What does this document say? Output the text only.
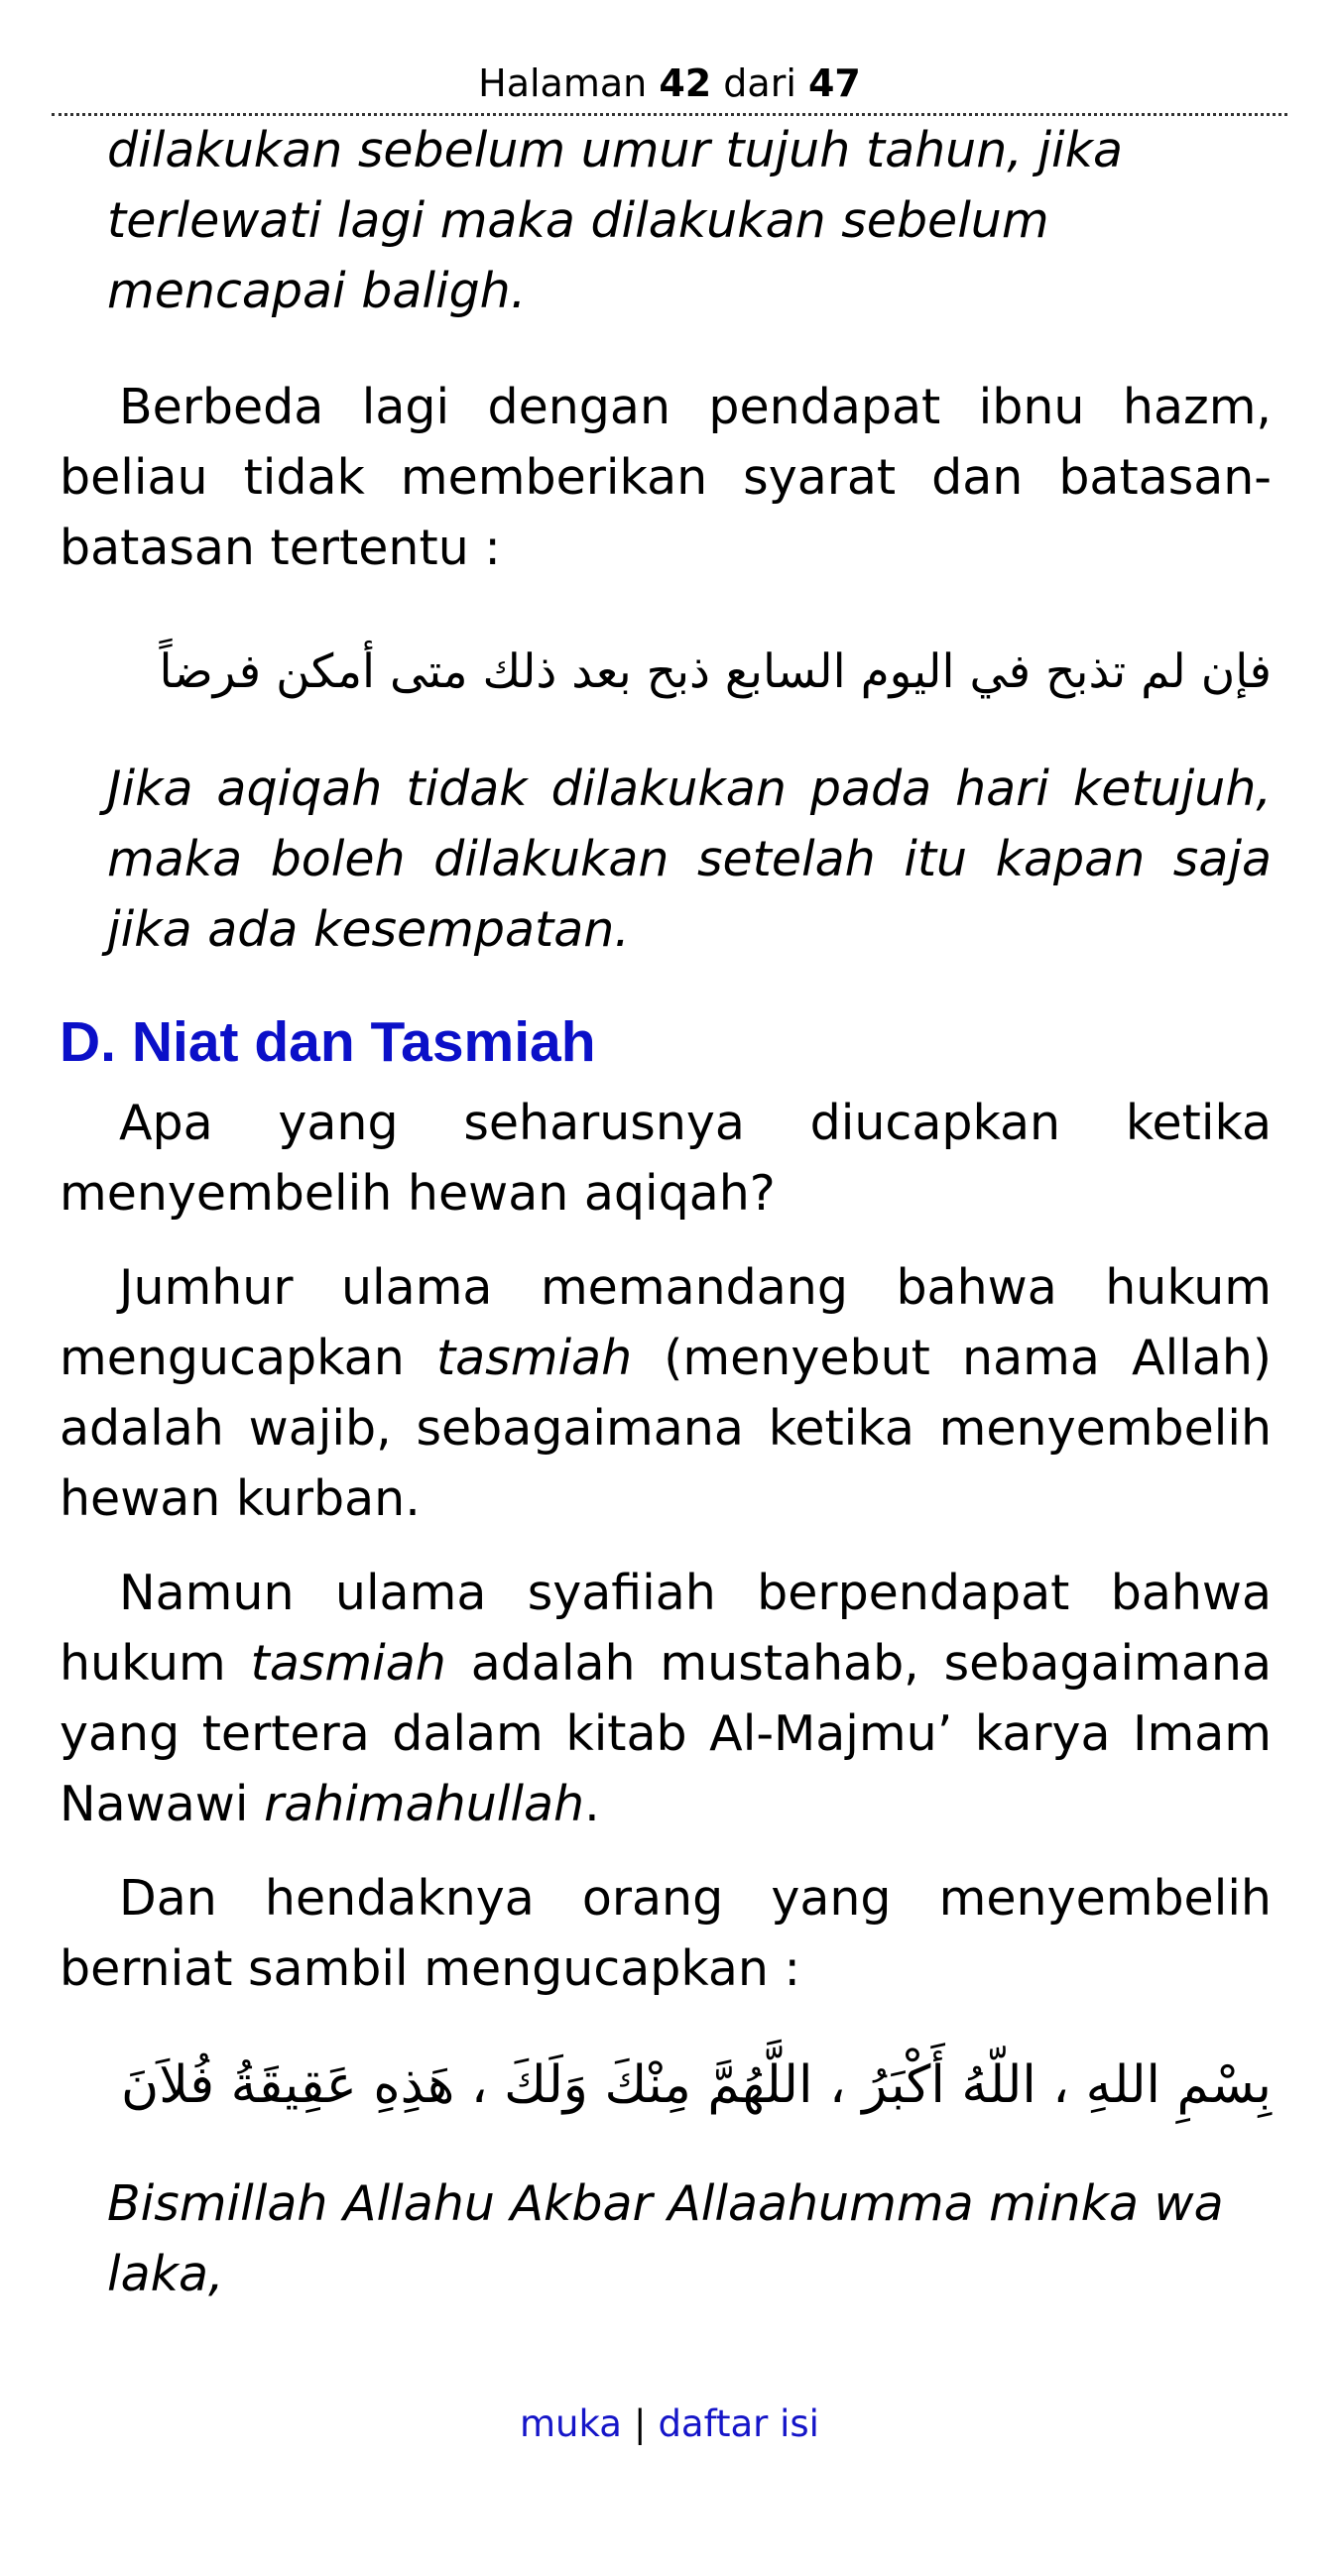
Halaman 42 dari 47

dilakukan sebelum umur tujuh tahun, jika terlewati lagi maka dilakukan sebelum mencapai baligh.

Berbeda lagi dengan pendapat ibnu hazm, beliau tidak memberikan syarat dan batasan-batasan tertentu :

فإن لم تذبح في اليوم السابع ذبح بعد ذلك متى أمكن فرضاً

Jika aqiqah tidak dilakukan pada hari ketujuh, maka boleh dilakukan setelah itu kapan saja jika ada kesempatan.

D. Niat dan Tasmiah

Apa yang seharusnya diucapkan ketika menyembelih hewan aqiqah?

Jumhur ulama memandang bahwa hukum mengucapkan tasmiah (menyebut nama Allah) adalah wajib, sebagaimana ketika menyembelih hewan kurban.

Namun ulama syafiiah berpendapat bahwa hukum tasmiah adalah mustahab, sebagaimana yang tertera dalam kitab Al-Majmu’ karya Imam Nawawi rahimahullah.

Dan hendaknya orang yang menyembelih berniat sambil mengucapkan :

بِسْمِ اللهِ ، اللّهُ أَكْبَرُ ، اللَّهُمَّ مِنْكَ وَلَكَ ، هَذِهِ عَقِيقَةُ فُلاَنَ

Bismillah Allahu Akbar Allaahumma minka wa laka,

muka | daftar isi
